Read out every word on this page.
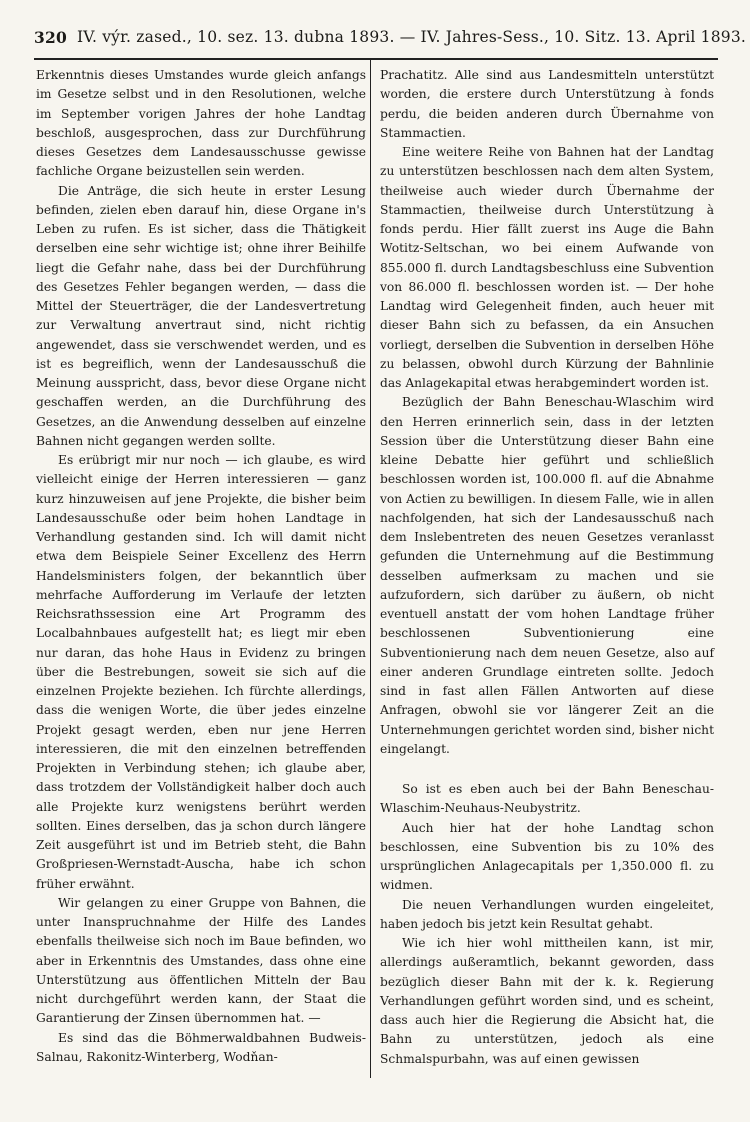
320 IV. výr. zased., 10. sez. 13. dubna 1893. — IV. Jahres-Sess., 10. Sitz. 13. April 1893.

Erkenntnis dieses Umstandes wurde gleich anfangs im Gesetze selbst und in den Resolutionen, welche im September vorigen Jahres der hohe Landtag beschloß, ausgesprochen, dass zur Durchführung dieses Gesetzes dem Landesausschusse gewisse fachliche Organe beizustellen sein werden.

Die Anträge, die sich heute in erster Lesung befinden, zielen eben darauf hin, diese Organe in's Leben zu rufen. Es ist sicher, dass die Thätigkeit derselben eine sehr wichtige ist; ohne ihrer Beihilfe liegt die Gefahr nahe, dass bei der Durchführung des Gesetzes Fehler begangen werden, — dass die Mittel der Steuerträger, die der Landesvertretung zur Verwaltung anvertraut sind, nicht richtig angewendet, dass sie verschwendet werden, und es ist es begreiflich, wenn der Landesausschuß die Meinung ausspricht, dass, bevor diese Organe nicht geschaffen werden, an die Durchführung des Gesetzes, an die Anwendung desselben auf einzelne Bahnen nicht gegangen werden sollte.

Es erübrigt mir nur noch — ich glaube, es wird vielleicht einige der Herren interessieren — ganz kurz hinzuweisen auf jene Projekte, die bisher beim Landesausschuße oder beim hohen Landtage in Verhandlung gestanden sind. Ich will damit nicht etwa dem Beispiele Seiner Excellenz des Herrn Handelsministers folgen, der bekanntlich über mehrfache Aufforderung im Verlaufe der letzten Reichsrathssession eine Art Programm des Localbahnbaues aufgestellt hat; es liegt mir eben nur daran, das hohe Haus in Evidenz zu bringen über die Bestrebungen, soweit sie sich auf die einzelnen Projekte beziehen. Ich fürchte allerdings, dass die wenigen Worte, die über jedes einzelne Projekt gesagt werden, eben nur jene Herren interessieren, die mit den einzelnen betreffenden Projekten in Verbindung stehen; ich glaube aber, dass trotzdem der Vollständigkeit halber doch auch alle Projekte kurz wenigstens berührt werden sollten. Eines derselben, das ja schon durch längere Zeit ausgeführt ist und im Betrieb steht, die Bahn Großpriesen-Wernstadt-Auscha, habe ich schon früher erwähnt.

Wir gelangen zu einer Gruppe von Bahnen, die unter Inanspruchnahme der Hilfe des Landes ebenfalls theilweise sich noch im Baue befinden, wo aber in Erkenntnis des Umstandes, dass ohne eine Unterstützung aus öffentlichen Mitteln der Bau nicht durchgeführt werden kann, der Staat die Garantierung der Zinsen übernommen hat. —

Es sind das die Böhmerwaldbahnen Budweis-Salnau, Rakonitz-Winterberg, Wodňan-

Prachatitz. Alle sind aus Landesmitteln unterstützt worden, die erstere durch Unterstützung à fonds perdu, die beiden anderen durch Übernahme von Stammactien.

Eine weitere Reihe von Bahnen hat der Landtag zu unterstützen beschlossen nach dem alten System, theilweise auch wieder durch Übernahme der Stammactien, theilweise durch Unterstützung à fonds perdu. Hier fällt zuerst ins Auge die Bahn Wotitz-Seltschan, wo bei einem Aufwande von 855.000 fl. durch Landtagsbeschluss eine Subvention von 86.000 fl. beschlossen worden ist. — Der hohe Landtag wird Gelegenheit finden, auch heuer mit dieser Bahn sich zu befassen, da ein Ansuchen vorliegt, derselben die Subvention in derselben Höhe zu belassen, obwohl durch Kürzung der Bahnlinie das Anlagekapital etwas herabgemindert worden ist.

Bezüglich der Bahn Beneschau-Wlaschim wird den Herren erinnerlich sein, dass in der letzten Session über die Unterstützung dieser Bahn eine kleine Debatte hier geführt und schließlich beschlossen worden ist, 100.000 fl. auf die Abnahme von Actien zu bewilligen. In diesem Falle, wie in allen nachfolgenden, hat sich der Landesausschuß nach dem Inslebentreten des neuen Gesetzes veranlasst gefunden die Unternehmung auf die Bestimmung desselben aufmerksam zu machen und sie aufzufordern, sich darüber zu äußern, ob nicht eventuell anstatt der vom hohen Landtage früher beschlossenen Subventionierung eine Subventionierung nach dem neuen Gesetze, also auf einer anderen Grundlage eintreten sollte. Jedoch sind in fast allen Fällen Antworten auf diese Anfragen, obwohl sie vor längerer Zeit an die Unternehmungen gerichtet worden sind, bisher nicht eingelangt.

So ist es eben auch bei der Bahn Beneschau-Wlaschim-Neuhaus-Neubystritz.

Auch hier hat der hohe Landtag schon beschlossen, eine Subvention bis zu 10% des ursprünglichen Anlagecapitals per 1,350.000 fl. zu widmen.

Die neuen Verhandlungen wurden eingeleitet, haben jedoch bis jetzt kein Resultat gehabt.

Wie ich hier wohl mittheilen kann, ist mir, allerdings außeramtlich, bekannt geworden, dass bezüglich dieser Bahn mit der k. k. Regierung Verhandlungen geführt worden sind, und es scheint, dass auch hier die Regierung die Absicht hat, die Bahn zu unterstützen, jedoch als eine Schmalspurbahn, was auf einen gewissen
